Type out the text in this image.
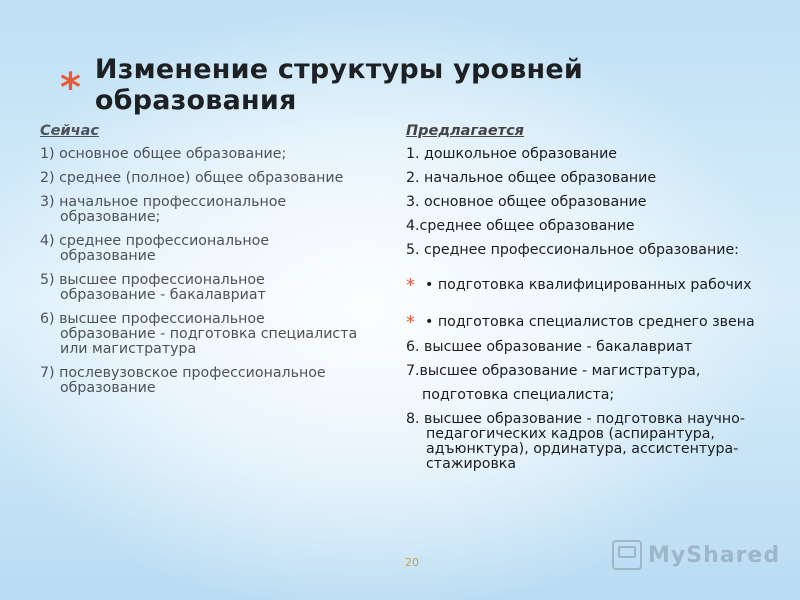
* Изменение структуры уровней образования
Сейчас
1) основное общее образование;
2) среднее (полное) общее образование
3) начальное профессиональное образование;
4) среднее профессиональное образование
5) высшее профессиональное образование - бакалавриат
6) высшее профессиональное образование - подготовка специалиста или магистратура
7) послевузовское профессиональное образование
Предлагается
1. дошкольное образование
2. начальное общее образование
3. основное общее образование
4.среднее общее образование
5. среднее профессиональное образование:
* • подготовка квалифицированных рабочих
* • подготовка специалистов среднего звена
6. высшее образование - бакалавриат
7.высшее образование - магистратура,
подготовка специалиста;
8. высшее образование - подготовка научно-педагогических кадров (аспирантура, адъюнктура), ординатура, ассистентура-стажировка
20	MyShared
